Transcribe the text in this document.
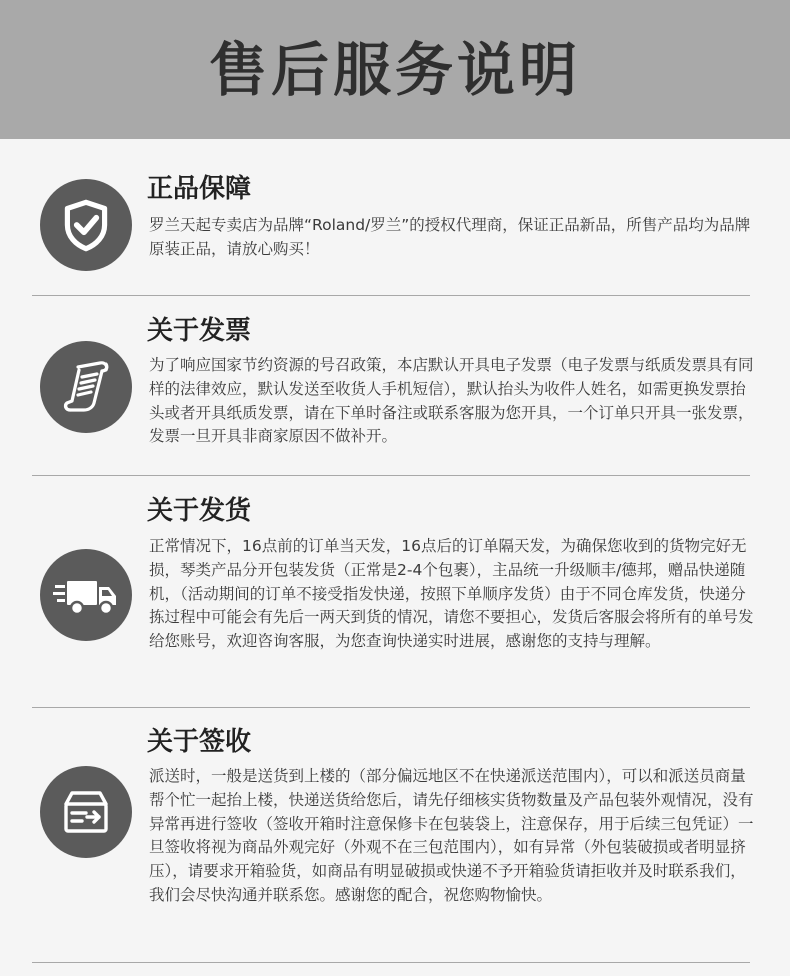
售后服务说明
正品保障

罗兰天起专卖店为品牌“Roland/罗兰”的授权代理商，保证正品新品，所售产品均为品牌原装正品，请放心购买！

关于发票

为了响应国家节约资源的号召政策，本店默认开具电子发票（电子发票与纸质发票具有同样的法律效应，默认发送至收货人手机短信），默认抬头为收件人姓名，如需更换发票抬头或者开具纸质发票，请在下单时备注或联系客服为您开具，一个订单只开具一张发票，发票一旦开具非商家原因不做补开。

关于发货

正常情况下，16点前的订单当天发，16点后的订单隔天发，为确保您收到的货物完好无损，琴类产品分开包装发货（正常是2-4个包裹），主品统一升级顺丰/德邦，赠品快递随机，（活动期间的订单不接受指发快递，按照下单顺序发货）由于不同仓库发货，快递分拣过程中可能会有先后一两天到货的情况，请您不要担心，发货后客服会将所有的单号发给您账号，欢迎咨询客服，为您查询快递实时进展，感谢您的支持与理解。

关于签收

派送时，一般是送货到上楼的（部分偏远地区不在快递派送范围内），可以和派送员商量帮个忙一起抬上楼，快递送货给您后，请先仔细核实货物数量及产品包装外观情况，没有异常再进行签收（签收开箱时注意保修卡在包装袋上，注意保存，用于后续三包凭证）一旦签收将视为商品外观完好（外观不在三包范围内），如有异常（外包装破损或者明显挤压），请要求开箱验货，如商品有明显破损或快递不予开箱验货请拒收并及时联系我们，我们会尽快沟通并联系您。感谢您的配合，祝您购物愉快。
